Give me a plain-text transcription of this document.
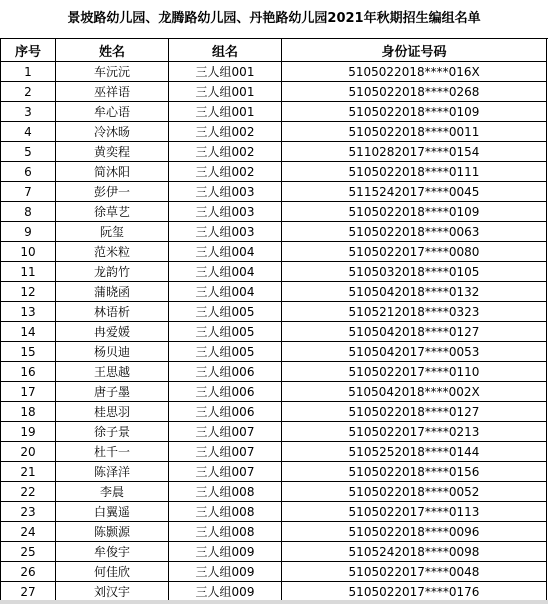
景坡路幼儿园、龙腾路幼儿园、丹艳路幼儿园2021年秋期招生编组名单
序号	姓名	组名	身份证号码
1	车沅沅	三人组001	5105022018****016X
2	巫祥语	三人组001	5105022018****0268
3	牟心语	三人组001	5105022018****0109
4	冷沐旸	三人组002	5105022018****0011
5	黄奕程	三人组002	5110282017****0154
6	简沐阳	三人组002	5105022018****0111
7	彭伊一	三人组003	5115242017****0045
8	徐草艺	三人组003	5105022018****0109
9	阮玺	三人组003	5105022018****0063
10	范米粒	三人组004	5105022017****0080
11	龙韵竹	三人组004	5105032018****0105
12	蒲晓函	三人组004	5105042018****0132
13	林语析	三人组005	5105212018****0323
14	冉爱媛	三人组005	5105042018****0127
15	杨贝迪	三人组005	5105042017****0053
16	王思越	三人组006	5105022017****0110
17	唐子墨	三人组006	5105042018****002X
18	桂思羽	三人组006	5105022018****0127
19	徐子景	三人组007	5105022017****0213
20	杜千一	三人组007	5105252018****0144
21	陈泽洋	三人组007	5105022018****0156
22	李晨	三人组008	5105022018****0052
23	白翼遥	三人组008	5105022017****0113
24	陈颢源	三人组008	5105022018****0096
25	牟俊宇	三人组009	5105242018****0098
26	何佳欣	三人组009	5105022017****0048
27	刘汉宇	三人组009	5105022017****0176
